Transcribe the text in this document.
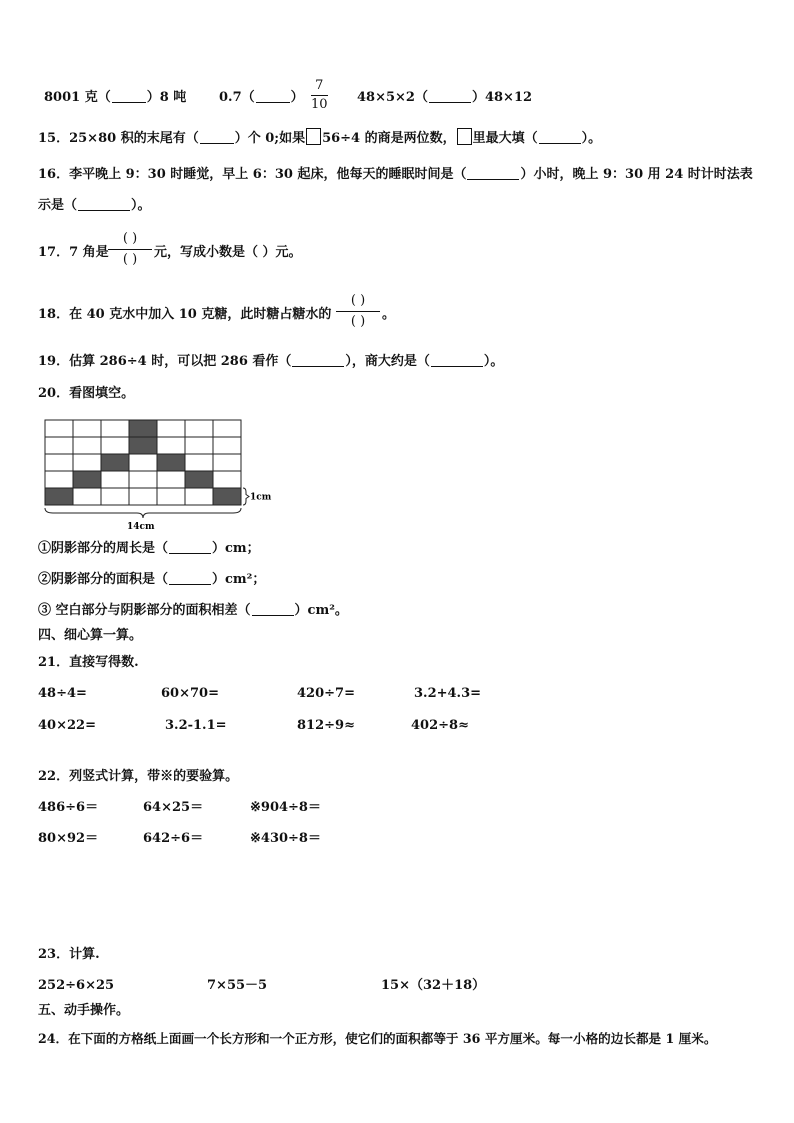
8001 克（	）8 吨	0.7（	）
7
10 48×5×2（	）48×12
15．25×80 积的末尾有（	）个 0;如果 56÷4 的商是两位数， 里最大填（	）。
16．李平晚上 9：30 时睡觉，早上 6：30 起床，他每天的睡眠时间是（	）小时，晚上 9：30 用 24 时计时法表
示是（	）。
17．7 角是
( )
( )	元，写成小数是（ ）元。
18．在 40 克水中加入 10 克糖，此时糖占糖水的
( )
( )	。
19．估算 286÷4 时，可以把 286 看作（	），商大约是（	）。
20．看图填空。
14cm
1cm
①阴影部分的周长是（	）cm；
②阴影部分的面积是（	）cm²；
③ 空白部分与阴影部分的面积相差（	）cm²。
四、细心算一算。
21．直接写得数.
48÷4=	60×70=	420÷7=	3.2+4.3=
40×22=	3.2-1.1=	812÷9≈	402÷8≈
22．列竖式计算，带※的要验算。
486÷6＝	64×25＝	※904÷8＝
80×92＝	642÷6＝	※430÷8＝
23．计算.
252÷6×25	7×55－5	15×（32＋18）
五、动手操作。
24．在下面的方格纸上面画一个长方形和一个正方形，使它们的面积都等于 36 平方厘米。每一小格的边长都是 1 厘米。
